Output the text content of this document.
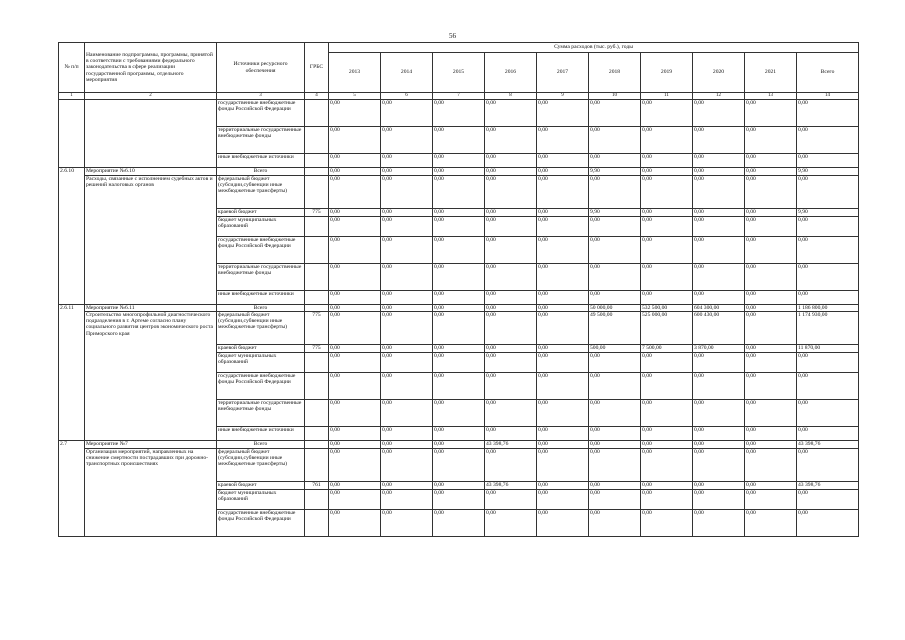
56
№ п/п	Наименование подпрограммы, программы, принятой в соответствии с требованиями федерального законодательства в сфере реализации государственной программы, отдельного мероприятия	Источники ресурсного обеспечения	ГРБС	Сумма расходов (тыс. руб.), годы									
				2013	2014	2015	2016	2017	2018	2019	2020	2021	Всего
1	2	3	4	5	6	7	8	9	10	11	12	13	14
		государственные внебюджетные фонды Российской Федерации		0,00	0,00	0,00	0,00	0,00	0,00	0,00	0,00	0,00	0,00
		территориальные государственные внебюджетные фонды		0,00	0,00	0,00	0,00	0,00	0,00	0,00	0,00	0,00	0,00
		иные внебюджетные источники		0,00	0,00	0,00	0,00	0,00	0,00	0,00	0,00	0,00	0,00
2.6.10	Мероприятие №6.10	Всего		0,00	0,00	0,00	0,00	0,00	9,90	0,00	0,00	0,00	9,90
	Расходы, связанные с исполнением судебных актов и решений налоговых органов	федеральный бюджет (субсидии,субвенции иные межбюджетные трансферты)		0,00	0,00	0,00	0,00	0,00	0,00	0,00	0,00	0,00	0,00
		краевой бюджет	775	0,00	0,00	0,00	0,00	0,00	9,90	0,00	0,00	0,00	9,90
		бюджет муниципальных образований		0,00	0,00	0,00	0,00	0,00	0,00	0,00	0,00	0,00	0,00
		государственные внебюджетные фонды Российской Федерации		0,00	0,00	0,00	0,00	0,00	0,00	0,00	0,00	0,00	0,00
		территориальные государственные внебюджетные фонды		0,00	0,00	0,00	0,00	0,00	0,00	0,00	0,00	0,00	0,00
		иные внебюджетные источники		0,00	0,00	0,00	0,00	0,00	0,00	0,00	0,00	0,00	0,00
2.6.11	Мероприятие №6.11	Всего		0,00	0,00	0,00	0,00	0,00	50 000,00	532 500,00	604 300,00	0,00	1 186 800,00
	Строительство многопрофильной диагностического подразделения в г. Артеме согласно плану социального развития центров экономического роста Приморского края	федеральный бюджет (субсидии,субвенции иные межбюджетные трансферты)	775	0,00	0,00	0,00	0,00	0,00	49 500,00	525 000,00	600 430,00	0,00	1 174 930,00
		краевой бюджет	775	0,00	0,00	0,00	0,00	0,00	500,00	7 500,00	3 870,00	0,00	11 870,00
		бюджет муниципальных образований		0,00	0,00	0,00	0,00	0,00	0,00	0,00	0,00	0,00	0,00
		государственные внебюджетные фонды Российской Федерации		0,00	0,00	0,00	0,00	0,00	0,00	0,00	0,00	0,00	0,00
		территориальные государственные внебюджетные фонды		0,00	0,00	0,00	0,00	0,00	0,00	0,00	0,00	0,00	0,00
		иные внебюджетные источники		0,00	0,00	0,00	0,00	0,00	0,00	0,00	0,00	0,00	0,00
2.7	Мероприятие №7	Всего		0,00	0,00	0,00	43 398,76	0,00	0,00	0,00	0,00	0,00	43 398,76
	Организация мероприятий, направленных на снижение смертности пострадавших при дорожно-транспортных происшествиях	федеральный бюджет (субсидии,субвенции иные межбюджетные трансферты)		0,00	0,00	0,00	0,00	0,00	0,00	0,00	0,00	0,00	0,00
		краевой бюджет	761	0,00	0,00	0,00	43 398,76	0,00	0,00	0,00	0,00	0,00	43 398,76
		бюджет муниципальных образований		0,00	0,00	0,00	0,00	0,00	0,00	0,00	0,00	0,00	0,00
		государственные внебюджетные фонды Российской Федерации		0,00	0,00	0,00	0,00	0,00	0,00	0,00	0,00	0,00	0,00
